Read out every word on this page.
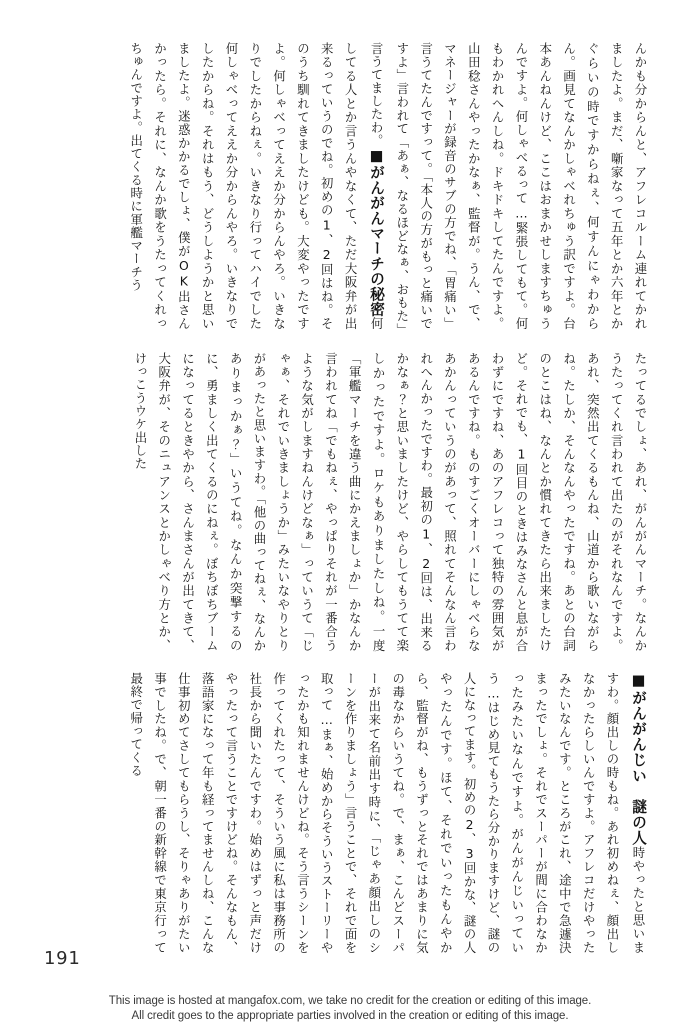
んかも分からんと、アフレコルーム連れてかれましたよ。まだ、噺家なって五年とか六年とかぐらいの時ですからねぇ、何すんにゃわからん。画見てなんかしゃべれちゅう訳ですよ。台本あんねんけど、ここはおまかせしますちゅうんですよ。何しゃべるって…緊張してもて。何もわかれへんしね。ドキドキしてたんですよ。山田稔さんやったかなぁ、監督が。うん、で、マネージャーが録音のサブの方でね、「胃痛い」言うてたんですって。「本人の方がもっと痛いですよ」言われて「あぁ、なるほどなぁ、おもた」言うてましたわ。■がんがんマーチの秘密何してる人とか言うんやなくて、ただ大阪弁が出来るっていうのでね。初めの1、2回はね。そのうち馴れてきましたけども。大変やったですよ。何しゃべってええか分からんやろ。いきなりでしたからねぇ。いきなり行ってハイでした何しゃべってええか分からんやろ。いきなりでしたからね。それはもう、どうしようかと思いましたよ。迷惑かかるでしょ、僕がOK出さんかったら。それに、なんか歌をうたってくれっちゅんですよ。出てくる時に軍艦マーチう
たってるでしょ、あれ、がんがんマーチ。なんかうたってくれ言われて出たのがそれなんですよ。あれ、突然出てくるもんね、山道から歌いながらね。たしか、そんなんやったですね。あとの台詞のとこはね、なんとか慣れてきたら出来ましたけど。それでも、1回目のときはみなさんと息が合わずにですね、あのアフレコって独特の雰囲気があるんですね。ものすごくオーバーにしゃべらなあかんっていうのがあって、照れてそんなん言われへんかったですわ。最初の1、2回は、出来るかなぁ？と思いましたけど、やらしてもうてて楽しかったですよ。ロケもありましたしね。一度「軍艦マーチを違う曲にかえましょか」かなんか言われてね「でもねぇ、やっぱりそれが一番合うような気がしますねんけどなぁ」っていうて「じゃぁ、それでいきましょうか」みたいなやりとりがあったと思いますわ。「他の曲ってねぇ、なんかありまっかぁ？」いうてね。なんか突撃するのに、勇ましく出てくるのにねぇ。ぼちぼちブームになってるときやから、さんまさんが出てきて、大阪弁が、そのニュアンスとかしゃべり方とか、けっこうウケ出した
■がんがんじい　謎の人時やったと思いますわ。顔出しの時もね。あれ初めねぇ、顔出しなかったらしいんですよ。アフレコだけやったみたいなんです。ところがこれ、途中で急遽決まったでしょ。それでスーパーが間に合わなかったみたいなんですよ。がんがんじいっていう…はじめ見てもうたら分かりますけど、謎の人になってます。初めの2、3回かな、謎の人やったんです。ほて、それでいったもんやから、監督がね、もうずっとそれではあまりに気の毒なからいうてね。で、まぁ、こんどスーパーが出来て名前出す時に、「じゃあ顔出しのシーンを作りましょう」言うことで、それで面を取って…まぁ、始めからそういうストーリーやったかも知れませんけどね。そう言うシーンを作ってくれたって、そういう風に私は事務所の社長から聞いたんですわ。始めはずっと声だけやったって言うことですけどね。そんなもん、落語家になって年も経ってませんしね、こんな仕事初めてさしてもらうし、そりゃありがたい事でしたね。で、朝一番の新幹線で東京行って最終で帰ってくる
191
This image is hosted at mangafox.com, we take no credit for the creation or editing of this image.
All credit goes to the appropriate parties involved in the creation or editing of this image.
